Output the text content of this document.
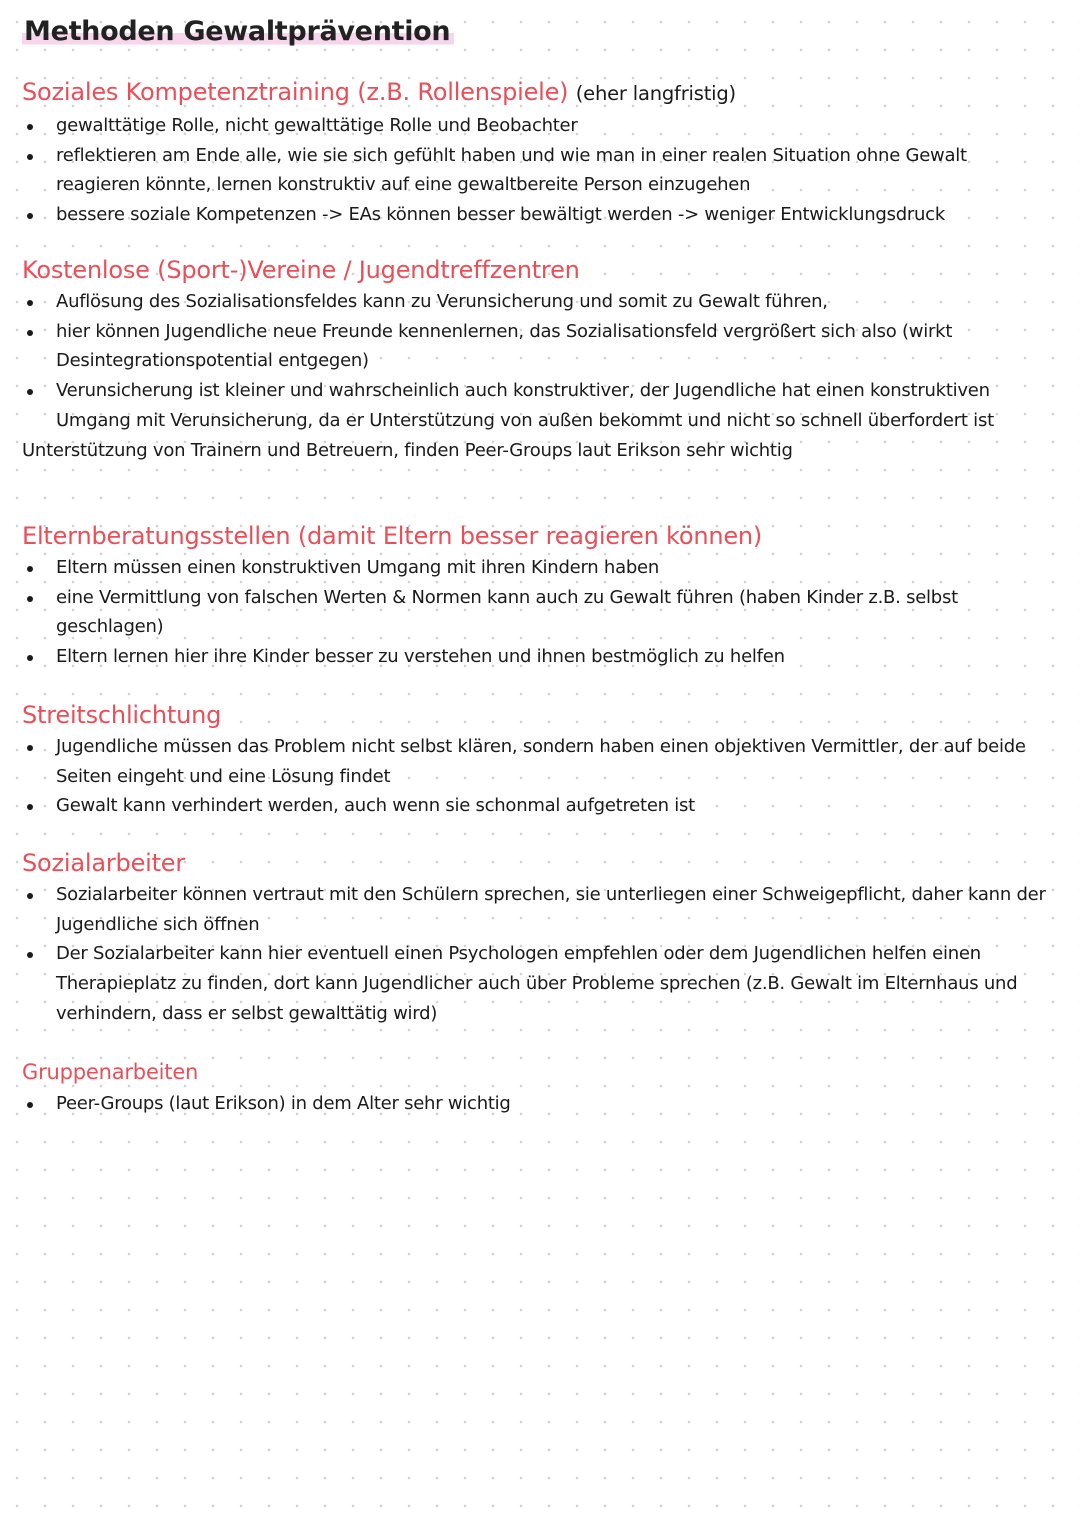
Methoden Gewaltprävention
Soziales Kompetenztraining (z.B. Rollenspiele) (eher langfristig)
gewalttätige Rolle, nicht gewalttätige Rolle und Beobachter
reflektieren am Ende alle, wie sie sich gefühlt haben und wie man in einer realen Situation ohne Gewalt reagieren könnte, lernen konstruktiv auf eine gewaltbereite Person einzugehen
bessere soziale Kompetenzen -> EAs können besser bewältigt werden -> weniger Entwicklungsdruck
Kostenlose (Sport-)Vereine / Jugendtreffzentren
Auflösung des Sozialisationsfeldes kann zu Verunsicherung und somit zu Gewalt führen,
hier können Jugendliche neue Freunde kennenlernen, das Sozialisationsfeld vergrößert sich also (wirkt Desintegrationspotential entgegen)
Verunsicherung ist kleiner und wahrscheinlich auch konstruktiver, der Jugendliche hat einen konstruktiven Umgang mit Verunsicherung, da er Unterstützung von außen bekommt und nicht so schnell überfordert ist

Unterstützung von Trainern und Betreuern, finden Peer-Groups laut Erikson sehr wichtig

Elternberatungsstellen (damit Eltern besser reagieren können)
Eltern müssen einen konstruktiven Umgang mit ihren Kindern haben
eine Vermittlung von falschen Werten & Normen kann auch zu Gewalt führen (haben Kinder z.B. selbst geschlagen)
Eltern lernen hier ihre Kinder besser zu verstehen und ihnen bestmöglich zu helfen
Streitschlichtung
Jugendliche müssen das Problem nicht selbst klären, sondern haben einen objektiven Vermittler, der auf beide Seiten eingeht und eine Lösung findet
Gewalt kann verhindert werden, auch wenn sie schonmal aufgetreten ist
Sozialarbeiter
Sozialarbeiter können vertraut mit den Schülern sprechen, sie unterliegen einer Schweigepflicht, daher kann der Jugendliche sich öffnen
Der Sozialarbeiter kann hier eventuell einen Psychologen empfehlen oder dem Jugendlichen helfen einen Therapieplatz zu finden, dort kann Jugendlicher auch über Probleme sprechen (z.B. Gewalt im Elternhaus und verhindern, dass er selbst gewalttätig wird)
Gruppenarbeiten
Peer-Groups (laut Erikson) in dem Alter sehr wichtig
